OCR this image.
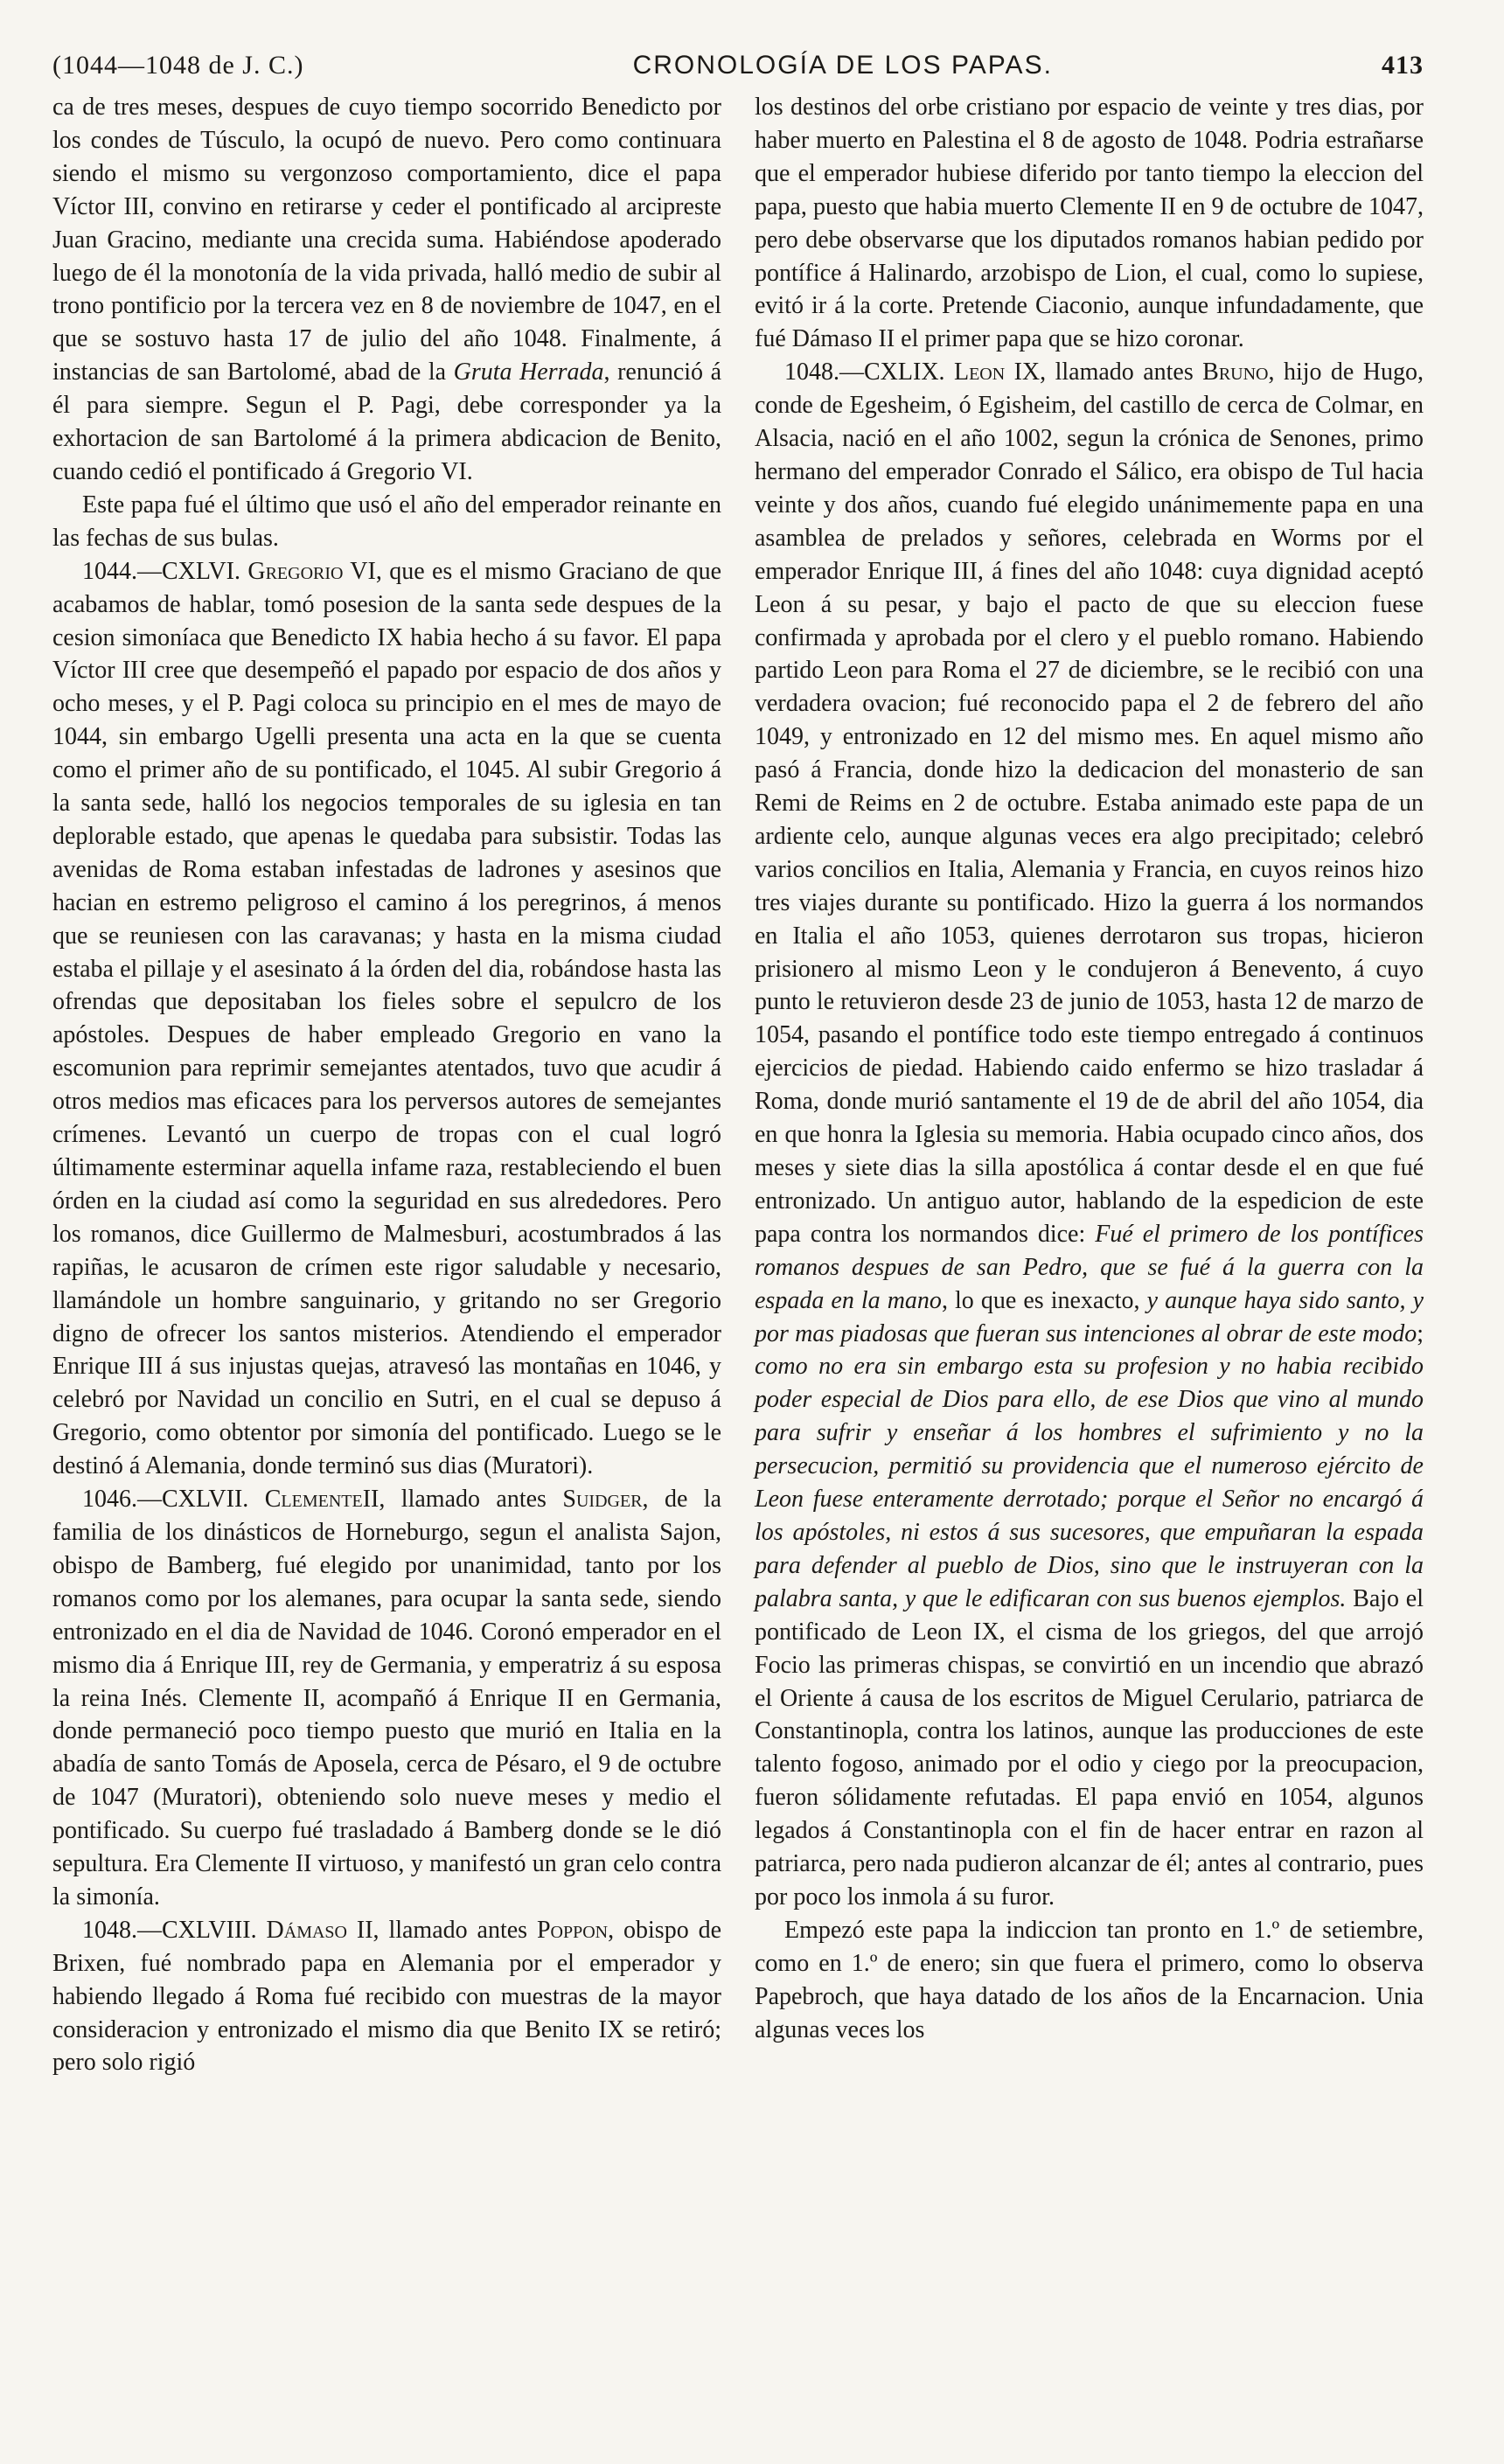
(1044—1048 de J. C.)	CRONOLOGÍA DE LOS PAPAS.	413

ca de tres meses, despues de cuyo tiempo socorrido Benedicto por los condes de Túsculo, la ocupó de nuevo. Pero como continuara siendo el mismo su vergonzoso comportamiento, dice el papa Víctor III, convino en retirarse y ceder el pontificado al arcipreste Juan Gracino, mediante una crecida suma. Habiéndose apoderado luego de él la monotonía de la vida privada, halló medio de subir al trono pontificio por la tercera vez en 8 de noviembre de 1047, en el que se sostuvo hasta 17 de julio del año 1048. Finalmente, á instancias de san Bartolomé, abad de la Gruta Herrada, renunció á él para siempre. Segun el P. Pagi, debe corresponder ya la exhortacion de san Bartolomé á la primera abdicacion de Benito, cuando cedió el pontificado á Gregorio VI.

Este papa fué el último que usó el año del emperador reinante en las fechas de sus bulas.

1044.—CXLVI. Gregorio VI, que es el mismo Graciano de que acabamos de hablar, tomó posesion de la santa sede despues de la cesion simoníaca que Benedicto IX habia hecho á su favor. El papa Víctor III cree que desempeñó el papado por espacio de dos años y ocho meses, y el P. Pagi coloca su principio en el mes de mayo de 1044, sin embargo Ugelli presenta una acta en la que se cuenta como el primer año de su pontificado, el 1045. Al subir Gregorio á la santa sede, halló los negocios temporales de su iglesia en tan deplorable estado, que apenas le quedaba para subsistir. Todas las avenidas de Roma estaban infestadas de ladrones y asesinos que hacian en estremo peligroso el camino á los peregrinos, á menos que se reuniesen con las caravanas; y hasta en la misma ciudad estaba el pillaje y el asesinato á la órden del dia, robándose hasta las ofrendas que depositaban los fieles sobre el sepulcro de los apóstoles. Despues de haber empleado Gregorio en vano la escomunion para reprimir semejantes atentados, tuvo que acudir á otros medios mas eficaces para los perversos autores de semejantes crímenes. Levantó un cuerpo de tropas con el cual logró últimamente esterminar aquella infame raza, restableciendo el buen órden en la ciudad así como la seguridad en sus alrededores. Pero los romanos, dice Guillermo de Malmesburi, acostumbrados á las rapiñas, le acusaron de crímen este rigor saludable y necesario, llamándole un hombre sanguinario, y gritando no ser Gregorio digno de ofrecer los santos misterios. Atendiendo el emperador Enrique III á sus injustas quejas, atravesó las montañas en 1046, y celebró por Navidad un concilio en Sutri, en el cual se depuso á Gregorio, como obtentor por simonía del pontificado. Luego se le destinó á Alemania, donde terminó sus dias (Muratori).

1046.—CXLVII. ClementeII, llamado antes Suidger, de la familia de los dinásticos de Horneburgo, segun el analista Sajon, obispo de Bamberg, fué elegido por unanimidad, tanto por los romanos como por los alemanes, para ocupar la santa sede, siendo entronizado en el dia de Navidad de 1046. Coronó emperador en el mismo dia á Enrique III, rey de Germania, y emperatriz á su esposa la reina Inés. Clemente II, acompañó á Enrique II en Germania, donde permaneció poco tiempo puesto que murió en Italia en la abadía de santo Tomás de Aposela, cerca de Pésaro, el 9 de octubre de 1047 (Muratori), obteniendo solo nueve meses y medio el pontificado. Su cuerpo fué trasladado á Bamberg donde se le dió sepultura. Era Clemente II virtuoso, y manifestó un gran celo contra la simonía.

1048.—CXLVIII. Dámaso II, llamado antes Poppon, obispo de Brixen, fué nombrado papa en Alemania por el emperador y habiendo llegado á Roma fué recibido con muestras de la mayor consideracion y entronizado el mismo dia que Benito IX se retiró; pero solo rigió

los destinos del orbe cristiano por espacio de veinte y tres dias, por haber muerto en Palestina el 8 de agosto de 1048. Podria estrañarse que el emperador hubiese diferido por tanto tiempo la eleccion del papa, puesto que habia muerto Clemente II en 9 de octubre de 1047, pero debe observarse que los diputados romanos habian pedido por pontífice á Halinardo, arzobispo de Lion, el cual, como lo supiese, evitó ir á la corte. Pretende Ciaconio, aunque infundadamente, que fué Dámaso II el primer papa que se hizo coronar.

1048.—CXLIX. Leon IX, llamado antes Bruno, hijo de Hugo, conde de Egesheim, ó Egisheim, del castillo de cerca de Colmar, en Alsacia, nació en el año 1002, segun la crónica de Senones, primo hermano del emperador Conrado el Sálico, era obispo de Tul hacia veinte y dos años, cuando fué elegido unánimemente papa en una asamblea de prelados y señores, celebrada en Worms por el emperador Enrique III, á fines del año 1048: cuya dignidad aceptó Leon á su pesar, y bajo el pacto de que su eleccion fuese confirmada y aprobada por el clero y el pueblo romano. Habiendo partido Leon para Roma el 27 de diciembre, se le recibió con una verdadera ovacion; fué reconocido papa el 2 de febrero del año 1049, y entronizado en 12 del mismo mes. En aquel mismo año pasó á Francia, donde hizo la dedicacion del monasterio de san Remi de Reims en 2 de octubre. Estaba animado este papa de un ardiente celo, aunque algunas veces era algo precipitado; celebró varios concilios en Italia, Alemania y Francia, en cuyos reinos hizo tres viajes durante su pontificado. Hizo la guerra á los normandos en Italia el año 1053, quienes derrotaron sus tropas, hicieron prisionero al mismo Leon y le condujeron á Benevento, á cuyo punto le retuvieron desde 23 de junio de 1053, hasta 12 de marzo de 1054, pasando el pontífice todo este tiempo entregado á continuos ejercicios de piedad. Habiendo caido enfermo se hizo trasladar á Roma, donde murió santamente el 19 de de abril del año 1054, dia en que honra la Iglesia su memoria. Habia ocupado cinco años, dos meses y siete dias la silla apostólica á contar desde el en que fué entronizado. Un antiguo autor, hablando de la espedicion de este papa contra los normandos dice: Fué el primero de los pontífices romanos despues de san Pedro, que se fué á la guerra con la espada en la mano, lo que es inexacto, y aunque haya sido santo, y por mas piadosas que fueran sus intenciones al obrar de este modo; como no era sin embargo esta su profesion y no habia recibido poder especial de Dios para ello, de ese Dios que vino al mundo para sufrir y enseñar á los hombres el sufrimiento y no la persecucion, permitió su providencia que el numeroso ejército de Leon fuese enteramente derrotado; porque el Señor no encargó á los apóstoles, ni estos á sus sucesores, que empuñaran la espada para defender al pueblo de Dios, sino que le instruyeran con la palabra santa, y que le edificaran con sus buenos ejemplos. Bajo el pontificado de Leon IX, el cisma de los griegos, del que arrojó Focio las primeras chispas, se convirtió en un incendio que abrazó el Oriente á causa de los escritos de Miguel Cerulario, patriarca de Constantinopla, contra los latinos, aunque las producciones de este talento fogoso, animado por el odio y ciego por la preocupacion, fueron sólidamente refutadas. El papa envió en 1054, algunos legados á Constantinopla con el fin de hacer entrar en razon al patriarca, pero nada pudieron alcanzar de él; antes al contrario, pues por poco los inmola á su furor.

Empezó este papa la indiccion tan pronto en 1.º de setiembre, como en 1.º de enero; sin que fuera el primero, como lo observa Papebroch, que haya datado de los años de la Encarnacion. Unia algunas veces los
